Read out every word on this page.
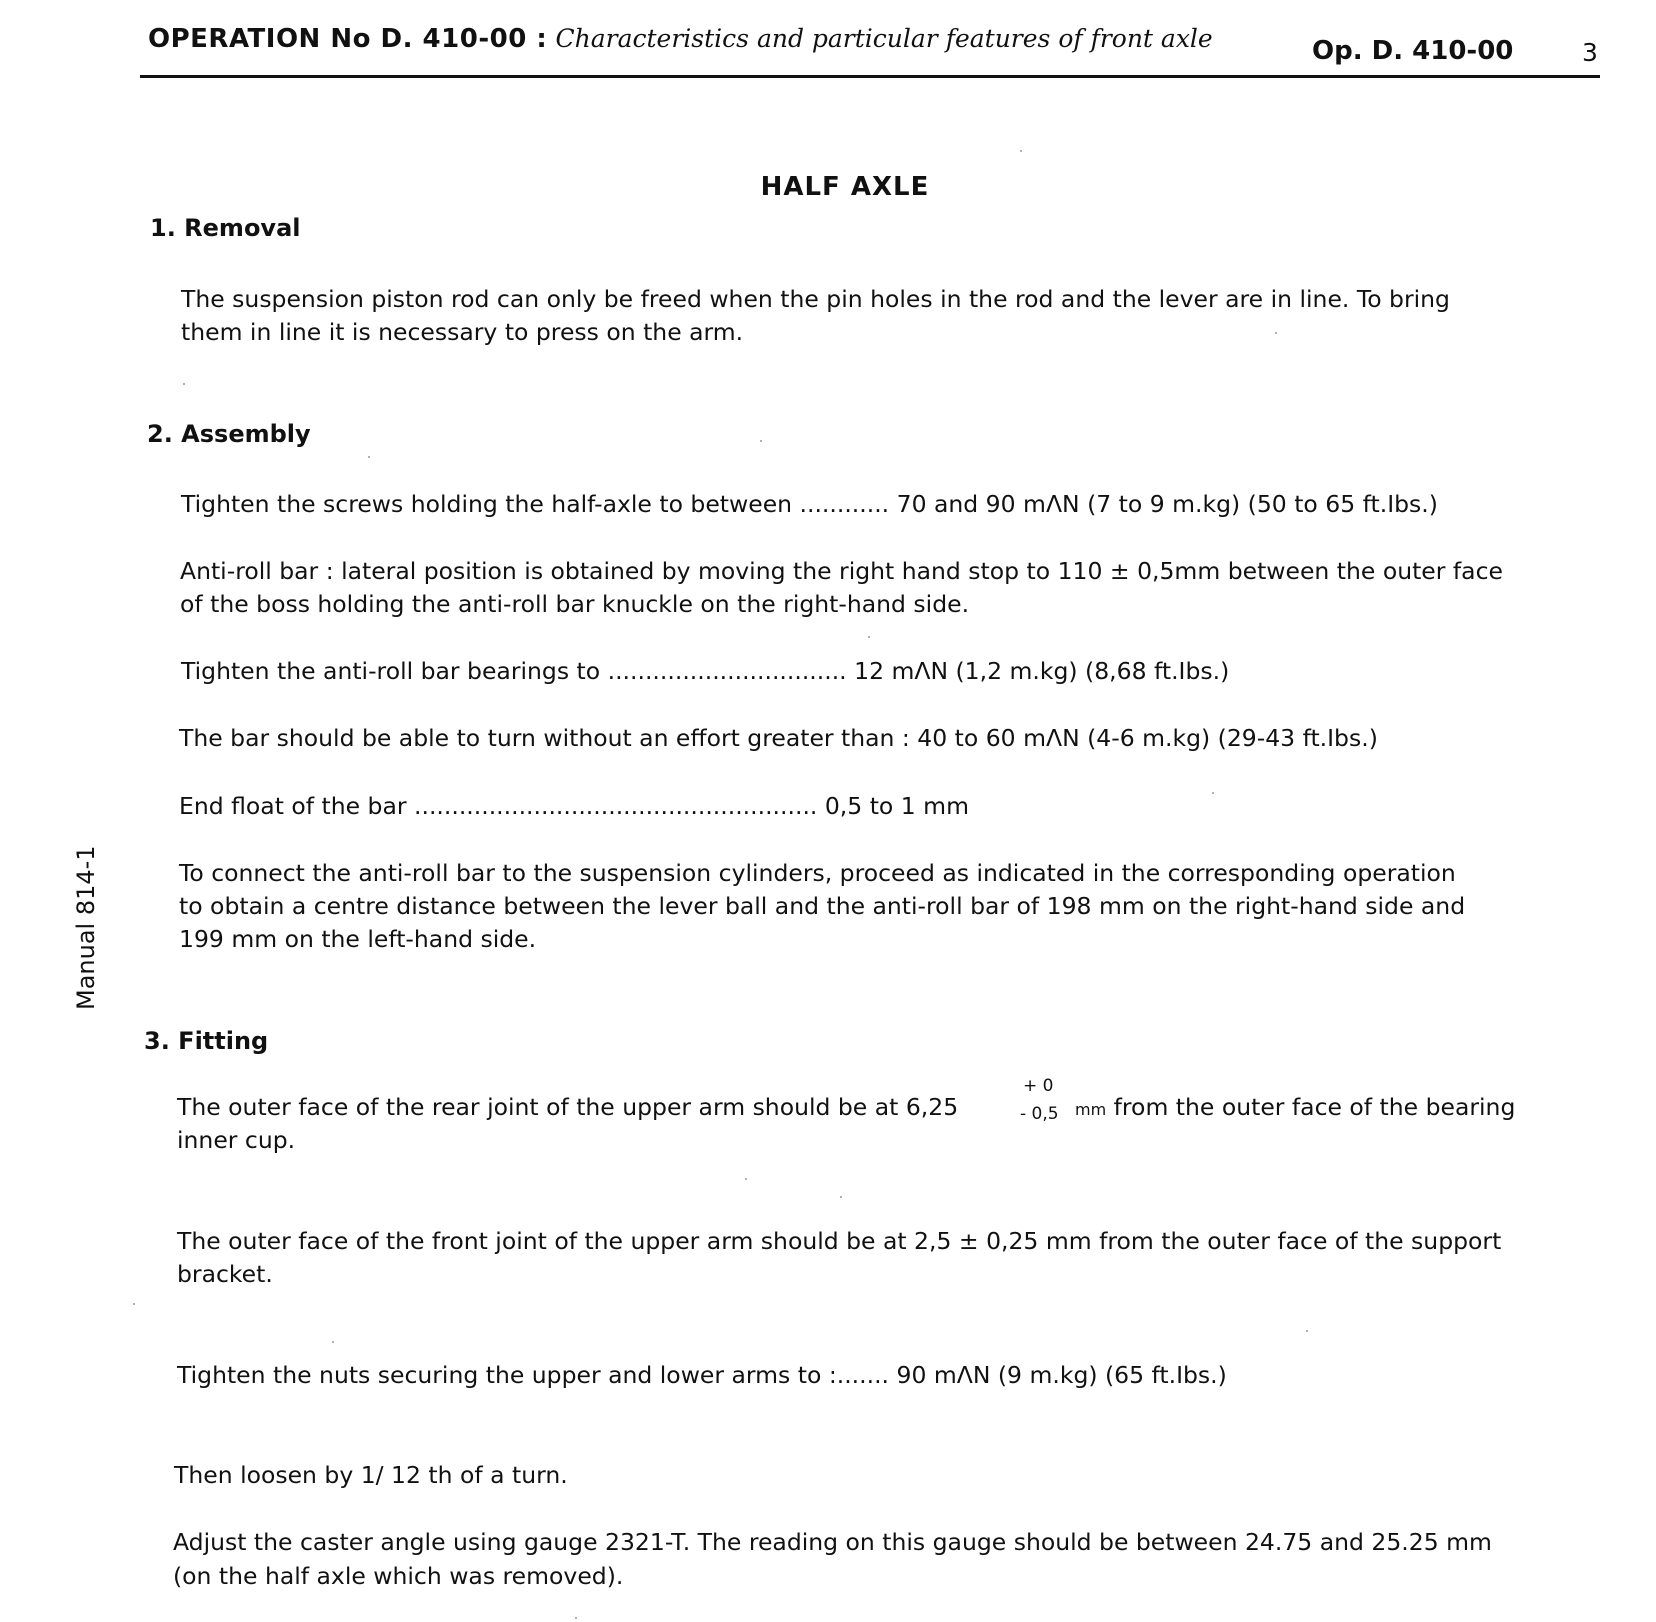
OPERATION No D. 410-00 : Characteristics and particular features of front axle	Op. D. 410-00	3
HALF AXLE
Manual 814-1
1. Removal
The suspension piston rod can only be freed when the pin holes in the rod and the lever are in line. To bring
them in line it is necessary to press on the arm.
2. Assembly
Tighten the screws holding the half-axle to between ............ 70 and 90 mΛN (7 to 9 m.kg) (50 to 65 ft.Ibs.)
Anti-roll bar : lateral position is obtained by moving the right hand stop to 110 ± 0,5mm between the outer face
of the boss holding the anti-roll bar knuckle on the right-hand side.
Tighten the anti-roll bar bearings to ................................ 12 mΛN (1,2 m.kg) (8,68 ft.Ibs.)
The bar should be able to turn without an effort greater than : 40 to 60 mΛN (4-6 m.kg) (29-43 ft.Ibs.)
End float of the bar ...................................................... 0,5 to 1 mm
To connect the anti-roll bar to the suspension cylinders, proceed as indicated in the corresponding operation
to obtain a centre distance between the lever ball and the anti-roll bar of 198 mm on the right-hand side and
199 mm on the left-hand side.
3. Fitting
The outer face of the rear joint of the upper arm should be at 6,25
+ 0
- 0,5 mm from the outer face of the bearing
inner cup.
The outer face of the front joint of the upper arm should be at 2,5 ± 0,25 mm from the outer face of the support
bracket.
Tighten the nuts securing the upper and lower arms to :....... 90 mΛN (9 m.kg) (65 ft.Ibs.)
Then loosen by 1/ 12 th of a turn.
Adjust the caster angle using gauge 2321-T. The reading on this gauge should be between 24.75 and 25.25 mm
(on the half axle which was removed).
